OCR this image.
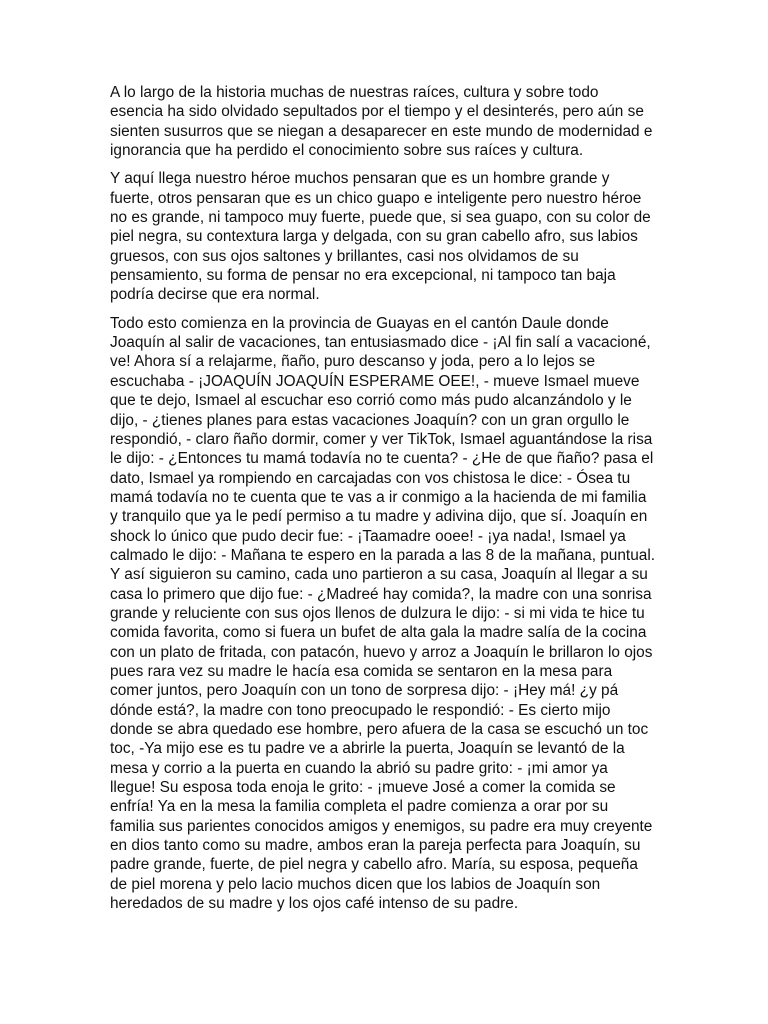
A lo largo de la historia muchas de nuestras raíces, cultura y sobre todo
esencia ha sido olvidado sepultados por el tiempo y el desinterés, pero aún se
sienten susurros que se niegan a desaparecer en este mundo de modernidad e
ignorancia que ha perdido el conocimiento sobre sus raíces y cultura.

Y aquí llega nuestro héroe muchos pensaran que es un hombre grande y
fuerte, otros pensaran que es un chico guapo e inteligente pero nuestro héroe
no es grande, ni tampoco muy fuerte, puede que, si sea guapo, con su color de
piel negra, su contextura larga y delgada, con su gran cabello afro, sus labios
gruesos, con sus ojos saltones y brillantes, casi nos olvidamos de su
pensamiento, su forma de pensar no era excepcional, ni tampoco tan baja
podría decirse que era normal.

Todo esto comienza en la provincia de Guayas en el cantón Daule donde
Joaquín al salir de vacaciones, tan entusiasmado dice - ¡Al fin salí a vacacioné,
ve! Ahora sí a relajarme, ñaño, puro descanso y joda, pero a lo lejos se
escuchaba - ¡JOAQUÍN JOAQUÍN ESPERAME OEE!, - mueve Ismael mueve
que te dejo, Ismael al escuchar eso corrió como más pudo alcanzándolo y le
dijo, - ¿tienes planes para estas vacaciones Joaquín? con un gran orgullo le
respondió, - claro ñaño dormir, comer y ver TikTok, Ismael aguantándose la risa
le dijo: - ¿Entonces tu mamá todavía no te cuenta? - ¿He de que ñaño? pasa el
dato, Ismael ya rompiendo en carcajadas con vos chistosa le dice: - Ósea tu
mamá todavía no te cuenta que te vas a ir conmigo a la hacienda de mi familia
y tranquilo que ya le pedí permiso a tu madre y adivina dijo, que sí. Joaquín en
shock lo único que pudo decir fue: - ¡Taamadre ooee! - ¡ya nada!, Ismael ya
calmado le dijo: - Mañana te espero en la parada a las 8 de la mañana, puntual.
Y así siguieron su camino, cada uno partieron a su casa, Joaquín al llegar a su
casa lo primero que dijo fue: - ¿Madreé hay comida?, la madre con una sonrisa
grande y reluciente con sus ojos llenos de dulzura le dijo: - si mi vida te hice tu
comida favorita, como si fuera un bufet de alta gala la madre salía de la cocina
con un plato de fritada, con patacón, huevo y arroz a Joaquín le brillaron lo ojos
pues rara vez su madre le hacía esa comida se sentaron en la mesa para
comer juntos, pero Joaquín con un tono de sorpresa dijo: - ¡Hey má! ¿y pá
dónde está?, la madre con tono preocupado le respondió: - Es cierto mijo
donde se abra quedado ese hombre, pero afuera de la casa se escuchó un toc
toc, -Ya mijo ese es tu padre ve a abrirle la puerta, Joaquín se levantó de la
mesa y corrio a la puerta en cuando la abrió su padre grito: - ¡mi amor ya
llegue! Su esposa toda enoja le grito: - ¡mueve José a comer la comida se
enfría! Ya en la mesa la familia completa el padre comienza a orar por su
familia sus parientes conocidos amigos y enemigos, su padre era muy creyente
en dios tanto como su madre, ambos eran la pareja perfecta para Joaquín, su
padre grande, fuerte, de piel negra y cabello afro. María, su esposa, pequeña
de piel morena y pelo lacio muchos dicen que los labios de Joaquín son
heredados de su madre y los ojos café intenso de su padre.
